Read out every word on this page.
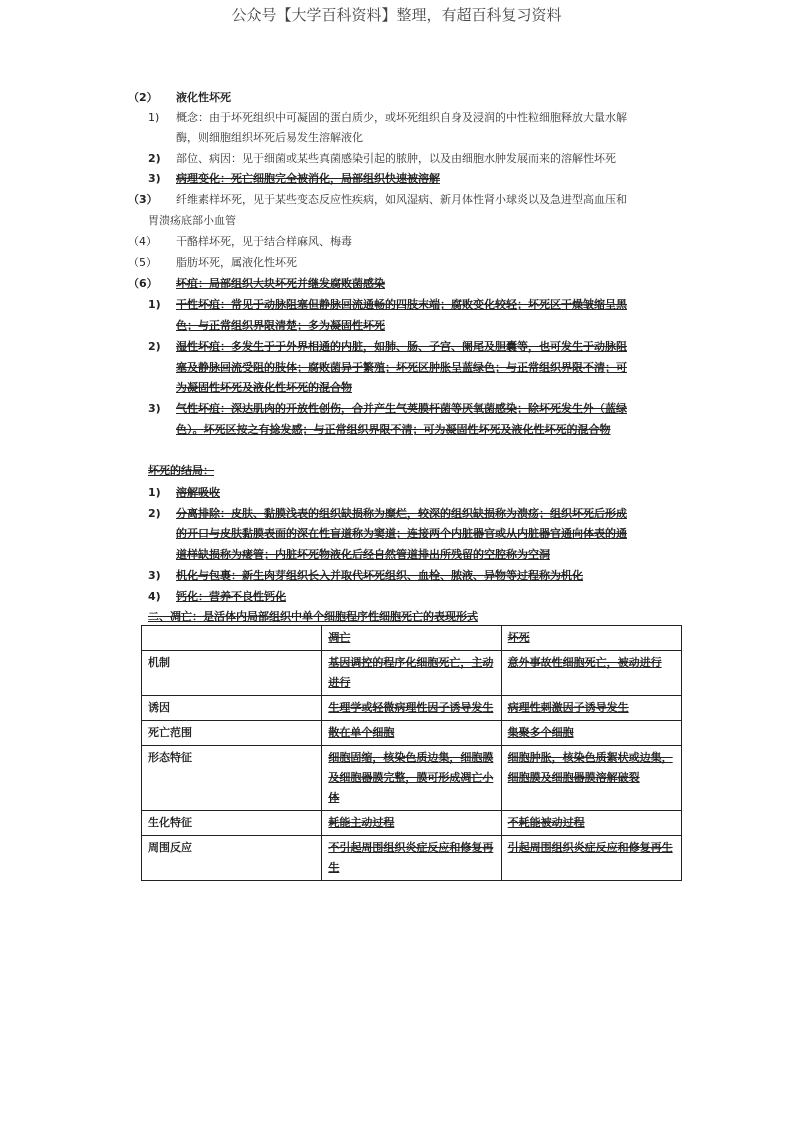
公众号【大学百科资料】整理，有超百科复习资料
（2） 液化性坏死
1) 概念：由于坏死组织中可凝固的蛋白质少，或坏死组织自身及浸润的中性粒细胞释放大量水解
酶，则细胞组织坏死后易发生溶解液化
2) 部位、病因：见于细菌或某些真菌感染引起的脓肿，以及由细胞水肿发展而来的溶解性坏死
3) 病理变化：死亡细胞完全被消化，局部组织快速被溶解
（3） 纤维素样坏死，见于某些变态反应性疾病，如风湿病、新月体性肾小球炎以及急进型高血压和
胃溃疡底部小血管
（4） 干酪样坏死，见于结合样麻风、梅毒
（5） 脂肪坏死，属液化性坏死
（6） 坏疽：局部组织大块坏死并继发腐败菌感染
1) 干性坏疽：常见于动脉阻塞但静脉回流通畅的四肢末端；腐败变化较轻；坏死区干燥皱缩呈黑
色；与正常组织界限清楚；多为凝固性坏死
2) 湿性坏疽：多发生于于外界相通的内脏，如肺、肠、子宫、阑尾及胆囊等，也可发生于动脉阻
塞及静脉回流受阻的肢体；腐败菌异于繁殖；坏死区肿胀呈蓝绿色；与正常组织界限不清；可
为凝固性坏死及液化性坏死的混合物
3) 气性坏疽：深达肌肉的开放性创伤，合并产生气荚膜杆菌等厌氧菌感染；除坏死发生外（蓝绿
色）。坏死区按之有捻发感；与正常组织界限不清；可为凝固性坏死及液化性坏死的混合物
坏死的结局：
1) 溶解吸收
2) 分离排除：皮肤、黏膜浅表的组织缺损称为糜烂，较深的组织缺损称为溃疡；组织坏死后形成
的开口与皮肤黏膜表面的深在性盲道称为窦道；连接两个内脏器官或从内脏器官通向体表的通
道样缺损称为瘘管；内脏坏死物液化后经自然管道排出所残留的空腔称为空洞
3) 机化与包裹：新生肉芽组织长入并取代坏死组织、血栓、脓液、异物等过程称为机化
4) 钙化：营养不良性钙化
二、凋亡：是活体内局部组织中单个细胞程序性细胞死亡的表现形式
	凋亡	坏死
机制	基因调控的程序化细胞死亡，主动进行	意外事故性细胞死亡，被动进行
诱因	生理学或轻微病理性因子诱导发生	病理性刺激因子诱导发生
死亡范围	散在单个细胞	集聚多个细胞
形态特征	细胞固缩，核染色质边集，细胞膜及细胞器膜完整，膜可形成凋亡小体	细胞肿胀，核染色质絮状或边集，细胞膜及细胞器膜溶解破裂
生化特征	耗能主动过程	不耗能被动过程
周围反应	不引起周围组织炎症反应和修复再生	引起周围组织炎症反应和修复再生
